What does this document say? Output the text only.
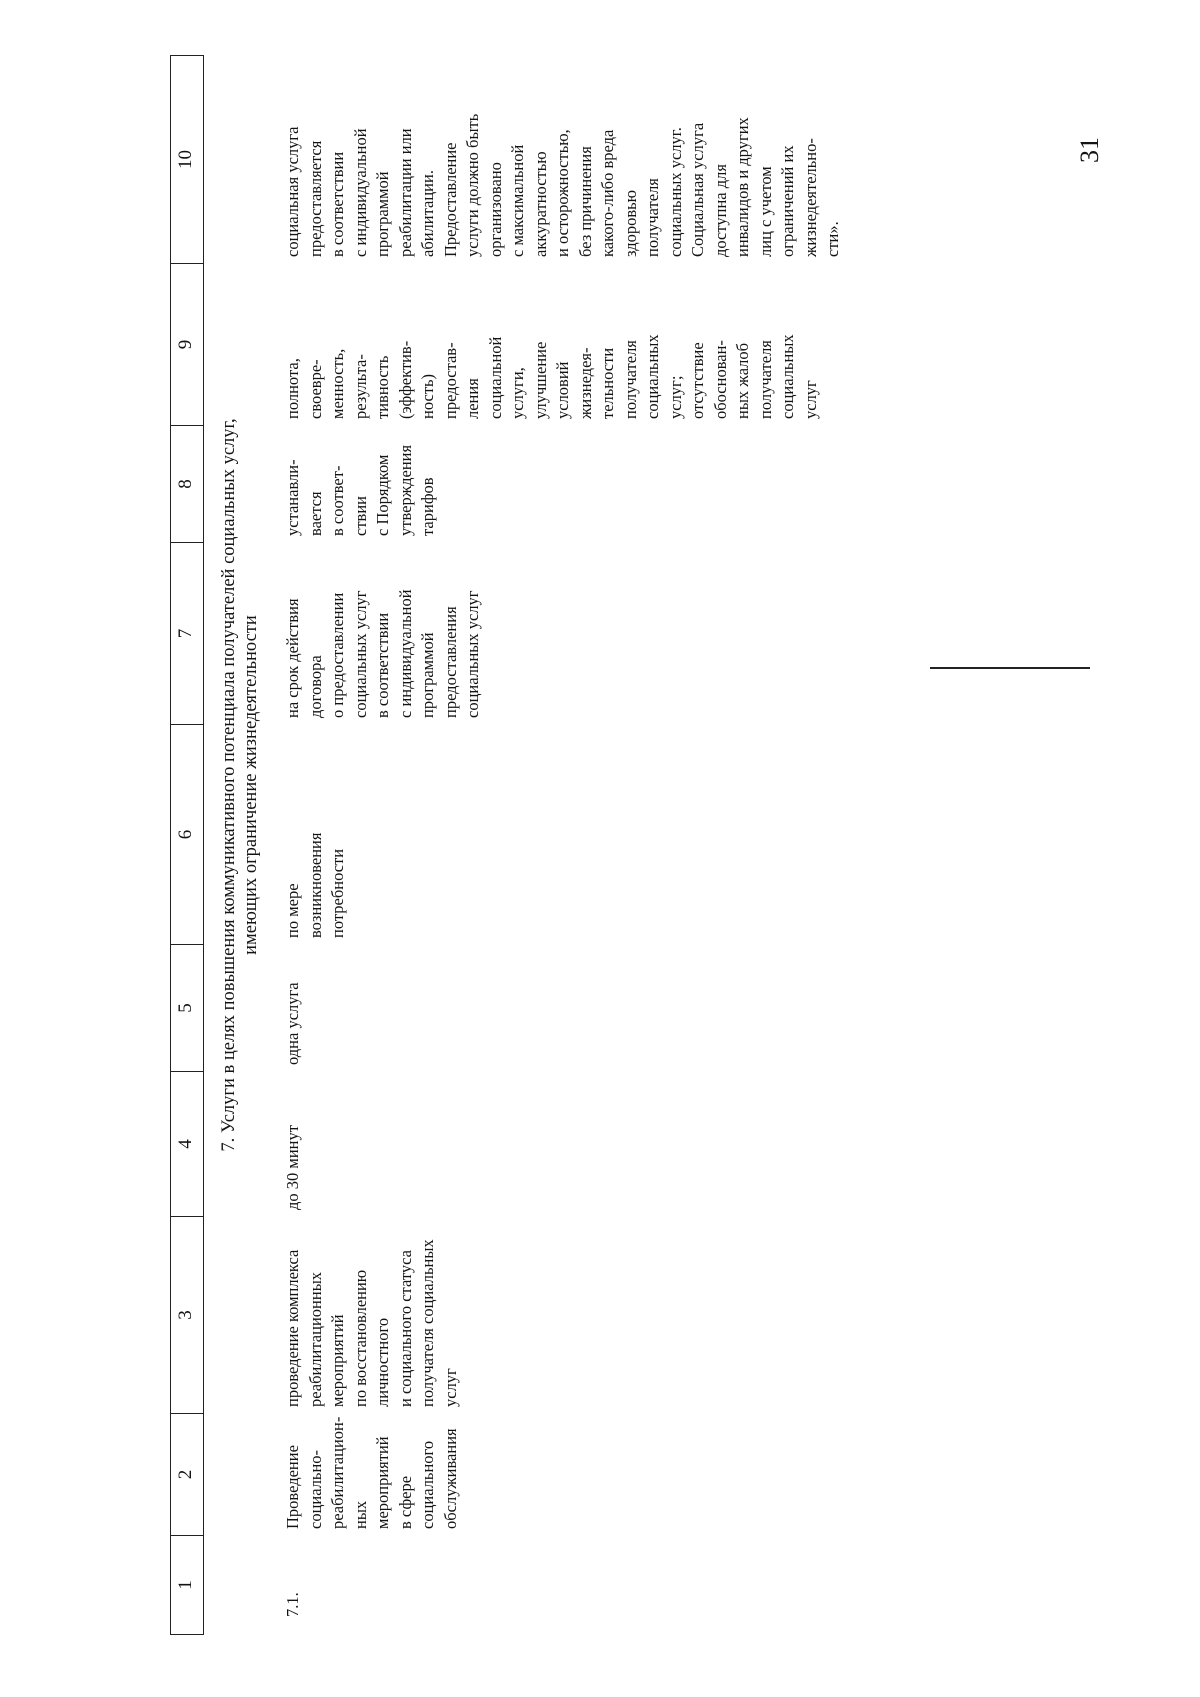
31
1
2
3
4
5
6
7
8
9
10
7. Услуги в целях повышения коммуникативного потенциала получателей социальных услуг, имеющих ограничение жизнедеятельности
7.1.
Проведение
социально-
реабилитацион-
ных
мероприятий
в сфере
социального
обслуживания
проведение комплекса
реабилитационных
мероприятий
по восстановлению
личностного
и социального статуса
получателя социальных
услуг
до 30 минут
одна услуга
по мере
возникновения
потребности
на срок действия
договора
о предоставлении
социальных услуг
в соответствии
с индивидуальной
программой
предоставления
социальных услуг
устанавли-
вается
в соответ-
ствии
с Порядком
утверждения
тарифов
полнота,
своевре-
менность,
результа-
тивность
(эффектив-
ность)
предостав-
ления
социальной
услуги,
улучшение
условий
жизнедея-
тельности
получателя
социальных
услуг;
отсутствие
обоснован-
ных жалоб
получателя
социальных
услуг
социальная услуга
предоставляется
в соответствии
с индивидуальной
программой
реабилитации или
абилитации.
Предоставление
услуги должно быть
организовано
с максимальной
аккуратностью
и осторожностью,
без причинения
какого-либо вреда
здоровью
получателя
социальных услуг.
Социальная услуга
доступна для
инвалидов и других
лиц с учетом
ограничений их
жизнедеятельно-
сти».
